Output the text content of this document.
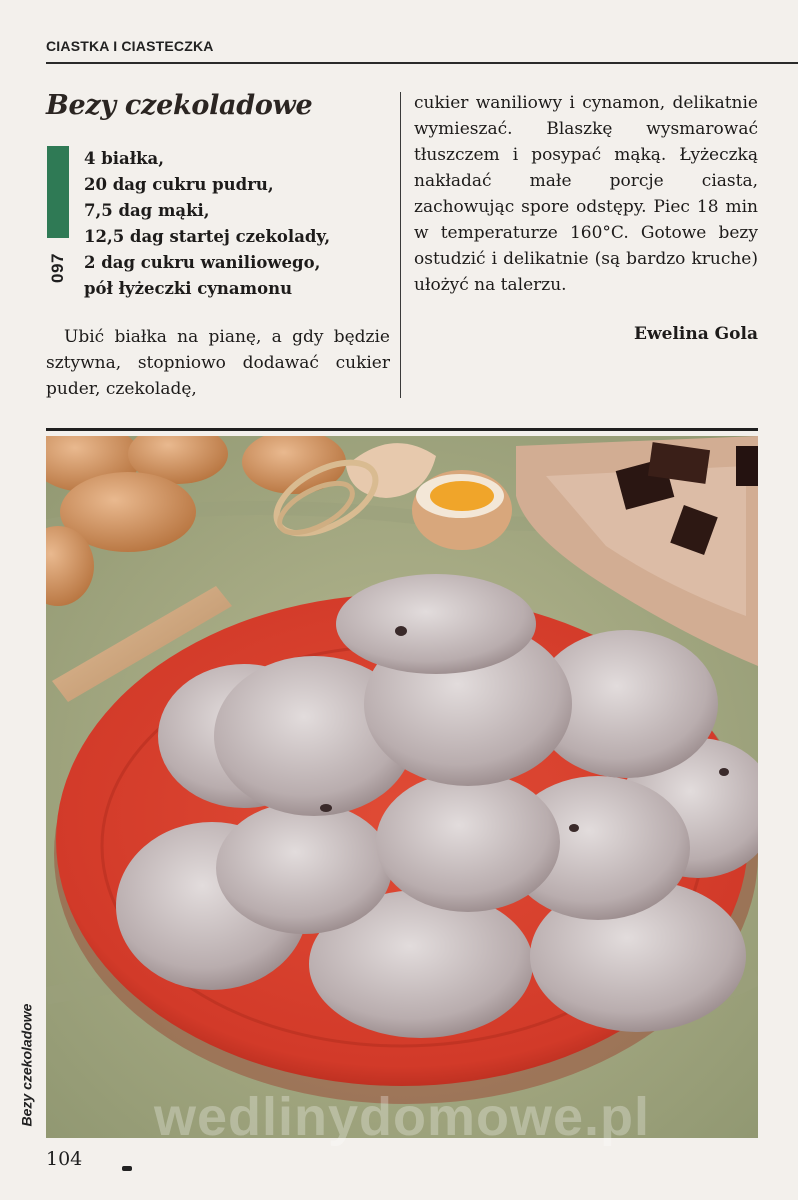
CIASTKA I CIASTECZKA
Bezy czekoladowe
097
4 białka,
20 dag cukru pudru,
7,5 dag mąki,
12,5 dag startej czekolady,
2 dag cukru waniliowego,
pół łyżeczki cynamonu

Ubić białka na pianę, a gdy będzie sztywna, stopniowo dodawać cukier puder, czekoladę,

cukier waniliowy i cynamon, delikatnie wymieszać. Blaszkę wysmarować tłuszczem i posypać mąką. Łyżeczką nakładać małe porcje ciasta, zachowując spore odstępy. Piec 18 min w temperaturze 160°C. Gotowe bezy ostudzić i delikatnie (są bardzo kruche) ułożyć na talerzu.

Ewelina Gola
wedlinydomowe.pl
Bezy czekoladowe
104
